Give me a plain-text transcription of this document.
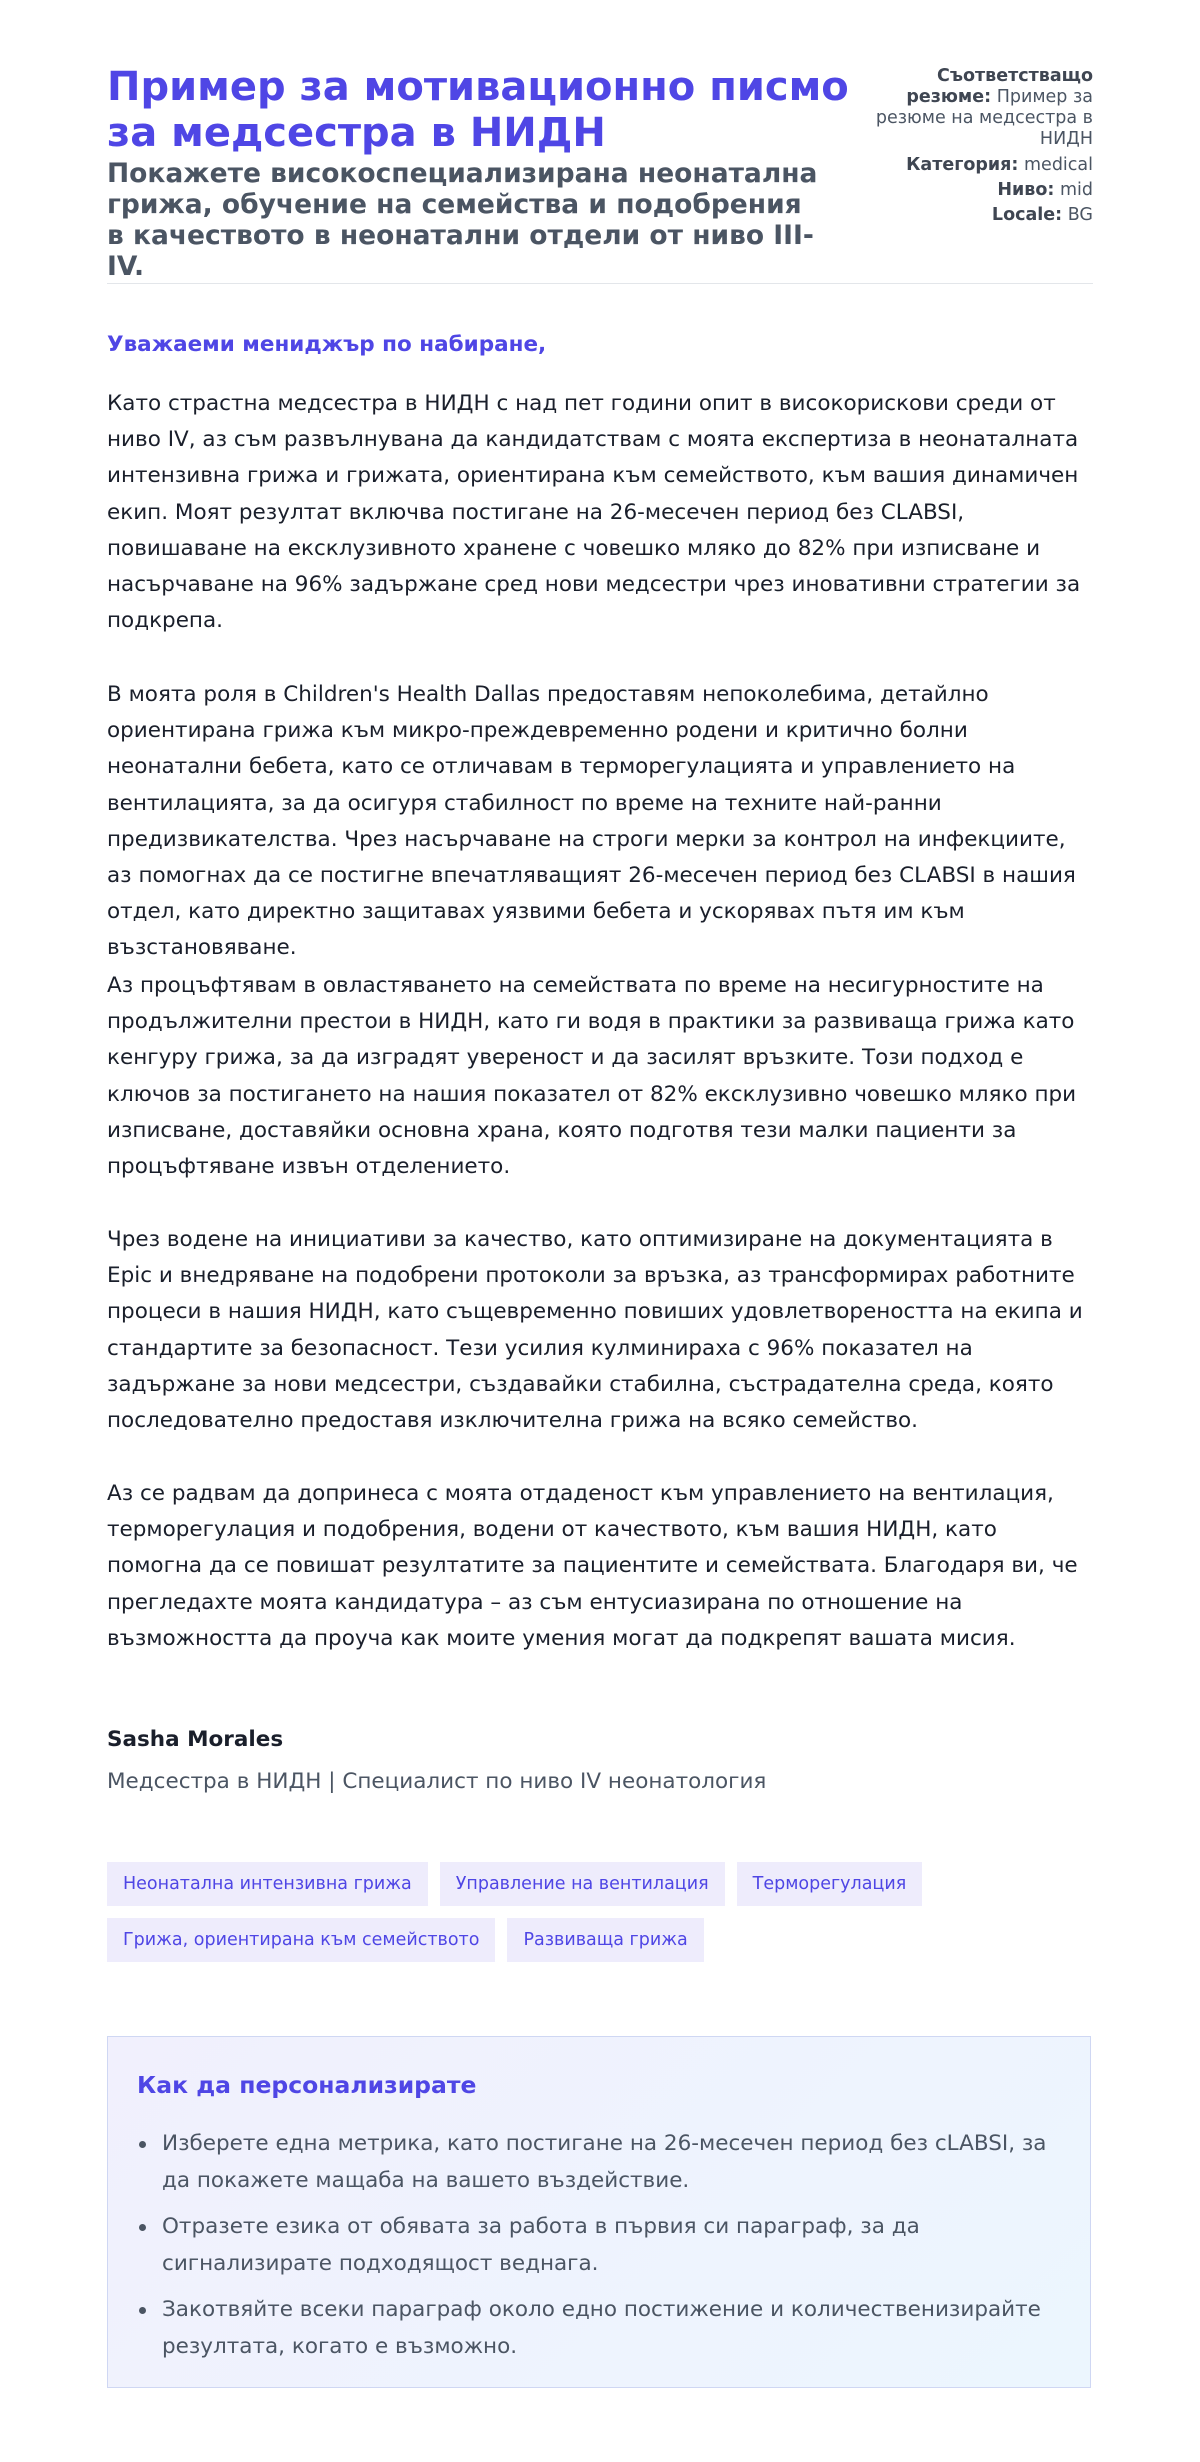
Пример за мотивационно писмо за медсестра в НИДН
Покажете високоспециализирана неонатална грижа, обучение на семейства и подобрения в качеството в неонатални отдели от ниво III-IV.
Съответстващо резюме: Пример за резюме на медсестра в НИДН
Категория: medical
Ниво: mid
Locale: BG

Уважаеми мениджър по набиране,

Като страстна медсестра в НИДН с над пет години опит в високорискови среди от ниво IV, аз съм развълнувана да кандидатствам с моята експертиза в неонаталната интензивна грижа и грижата, ориентирана към семейството, към вашия динамичен екип. Моят резултат включва постигане на 26-месечен период без CLABSI, повишаване на ексклузивното хранене с човешко мляко до 82% при изписване и насърчаване на 96% задържане сред нови медсестри чрез иновативни стратегии за подкрепа.

В моята роля в Children's Health Dallas предоставям непоколебима, детайлно ориентирана грижа към микро-преждевременно родени и критично болни неонатални бебета, като се отличавам в терморегулацията и управлението на вентилацията, за да осигуря стабилност по време на техните най-ранни предизвикателства. Чрез насърчаване на строги мерки за контрол на инфекциите, аз помогнах да се постигне впечатляващият 26-месечен период без CLABSI в нашия отдел, като директно защитавах уязвими бебета и ускорявах пътя им към възстановяване.

Аз процъфтявам в овластяването на семействата по време на несигурностите на продължителни престои в НИДН, като ги водя в практики за развиваща грижа като кенгуру грижа, за да изградят увереност и да засилят връзките. Този подход е ключов за постигането на нашия показател от 82% ексклузивно човешко мляко при изписване, доставяйки основна храна, която подготвя тези малки пациенти за процъфтяване извън отделението.

Чрез водене на инициативи за качество, като оптимизиране на документацията в Epic и внедряване на подобрени протоколи за връзка, аз трансформирах работните процеси в нашия НИДН, като същевременно повиших удовлетвореността на екипа и стандартите за безопасност. Тези усилия кулминираха с 96% показател на задържане за нови медсестри, създавайки стабилна, състрадателна среда, която последователно предоставя изключителна грижа на всяко семейство.

Аз се радвам да допринеса с моята отдаденост към управлението на вентилация, терморегулация и подобрения, водени от качеството, към вашия НИДН, като помогна да се повишат резултатите за пациентите и семействата. Благодаря ви, че прегледахте моята кандидатура – аз съм ентусиазирана по отношение на възможността да проуча как моите умения могат да подкрепят вашата мисия.

Sasha Morales
Медсестра в НИДН | Специалист по ниво IV неонатология
Неонатална интензивна грижа	Управление на вентилация	Терморегулация
Грижа, ориентирана към семейството	Развиваща грижа
Как да персонализирате
Изберете една метрика, като постигане на 26-месечен период без cLABSI, за да покажете мащаба на вашето въздействие.
Отразете езика от обявата за работа в първия си параграф, за да сигнализирате подходящост веднага.
Закотвяйте всеки параграф около едно постижение и количественизирайте резултата, когато е възможно.
